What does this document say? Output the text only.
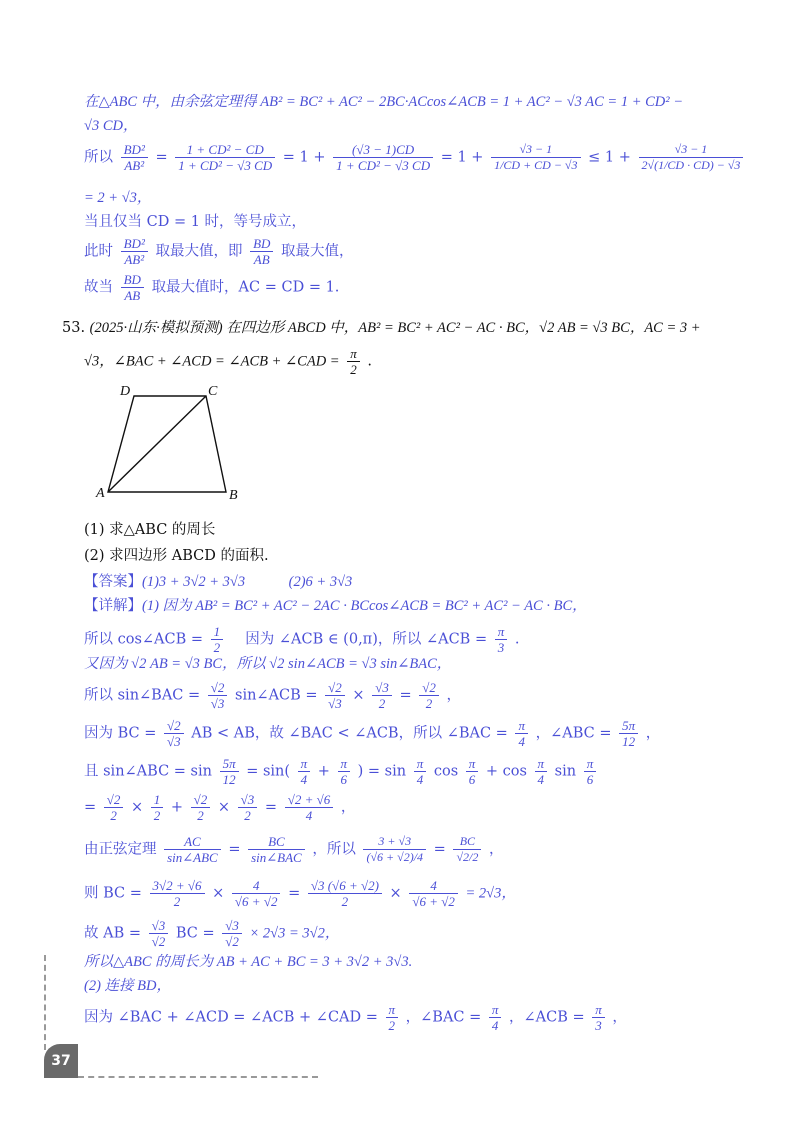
在△ABC 中，由余弦定理得 AB² = BC² + AC² − 2BC·ACcos∠ACB = 1 + AC² − √3 AC = 1 + CD² −
√3 CD，
所以 $\frac{\text{BD²}}{\text{AB²}} = \frac{\text{1 + CD² − CD}}{\text{1 + CD² − √3 CD}} = 1 + \frac{(√3 - 1)CD}{\text{1 + CD² − √3 CD}} = 1 + \frac{√3 - 1}{1/CD + CD - √3} \le 1 + \frac{√3 - 1}{2√(1/CD \cdot CD) - √3}$
= 2 + √3，
当且仅当 CD = 1 时，等号成立，
此时 $\frac{\text{BD²}}{\text{AB²}}$ 取最大值，即 $\frac{BD}{AB}$ 取最大值，
故当 $\frac{BD}{AB}$ 取最大值时，AC = CD = 1.
53. (2025·山东·模拟预测) 在四边形 ABCD 中，AB² = BC² + AC² − AC · BC，√2 AB = √3 BC，AC = 3 +
√3，∠BAC + ∠ACD = ∠ACB + ∠CAD = $\frac{\pi}{2}$ .
D	C
A	B
(1) 求△ABC 的周长
(2) 求四边形 ABCD 的面积.
【答案】(1)3 + 3√2 + 3√3　　　(2)6 + 3√3
【详解】(1) 因为 AB² = BC² + AC² − 2AC · BCcos∠ACB = BC² + AC² − AC · BC，
所以 cos∠ACB = $\frac{1}{2}$ 　因为 ∠ACB ∈ (0,π)，所以 ∠ACB = $\frac{\pi}{3}$ .
又因为 √2 AB = √3 BC，所以 √2 sin∠ACB = √3 sin∠BAC，
所以 sin∠BAC = $\frac{√2}{√3}$ sin∠ACB = $\frac{√2}{√3} \times \frac{√3}{2} = \frac{√2}{2}$ ，
因为 BC = $\frac{√2}{√3}$ AB < AB，故 ∠BAC < ∠ACB，所以 ∠BAC = $\frac{\pi}{4}$ ，∠ABC = $\frac{5\pi}{12}$ ，
且 sin∠ABC = $\sin \frac{5\pi}{12} = \sin( \frac{\pi}{4} + \frac{\pi}{6}$ ) = $\sin \frac{\pi}{4}$ $\cos \frac{\pi}{6} + \cos \frac{\pi}{4}$ $\sin \frac{\pi}{6}$
= $\frac{√2}{2} \times \frac{1}{2} + \frac{√2}{2} \times \frac{√3}{2} = \frac{√2 + √6}{4}$ ，
由正弦定理 $\frac{AC}{\text{sin∠ABC}} = \frac{BC}{\text{sin∠BAC}}$ ，所以 $\frac{3 + √3}{(√6 + √2)/4} = \frac{BC}{√2/2}$ ，
则 BC = $\frac{3√2 + √6}{2} \times \frac{4}{√6 + √2} = \frac{√3 (√6 + √2)}{2} \times \frac{4}{√6 + √2} = 2√3$，
故 AB = $\frac{√3}{√2}$ BC = $\frac{√3}{√2} \times 2√3 = 3√2$，
所以△ABC 的周长为 AB + AC + BC = 3 + 3√2 + 3√3.
(2) 连接 BD，
因为 ∠BAC + ∠ACD = ∠ACB + ∠CAD = $\frac{\pi}{2}$ ，∠BAC = $\frac{\pi}{4}$ ，∠ACB = $\frac{\pi}{3}$ ，
37
